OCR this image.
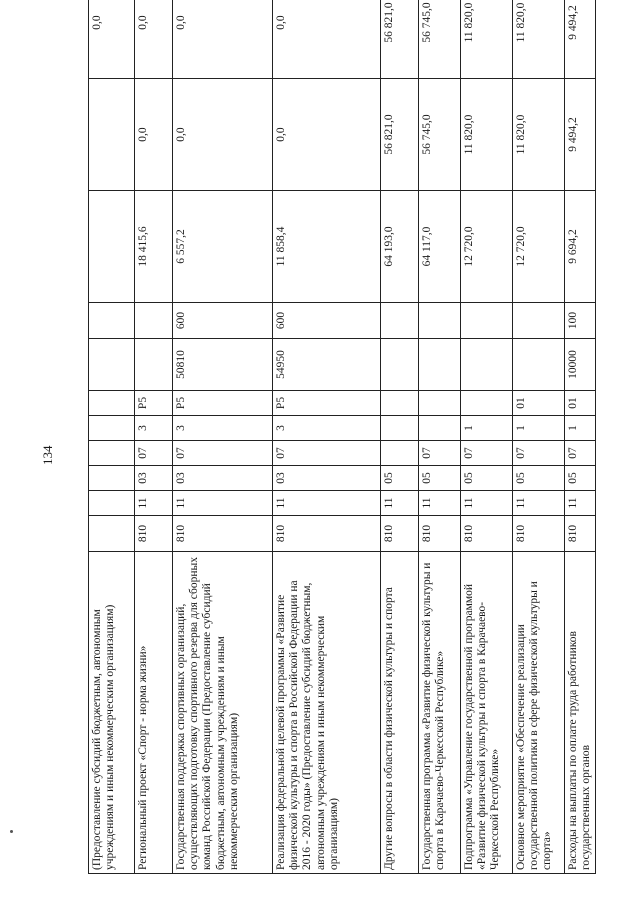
134
(Предоставление субсидий бюджетным, автономным учреждениям и иным некоммерческим организациям)											0,0
Региональный проект «Спорт - норма жизни»	810	11	03	07	3	P5			18 415,6	0,0	0,0
Государственная поддержка спортивных организаций, осуществляющих подготовку спортивного резерва для сборных команд Российской Федерации (Предоставление субсидий бюджетным, автономным учреждениям и иным некоммерческим организациям)	810	11	03	07	3	P5	50810	600	6 557,2	0,0	0,0
Реализация федеральной целевой программы «Развитие физической культуры и спорта в Российской Федерации на 2016 - 2020 годы» (Предоставление субсидий бюджетным, автономным учреждениям и иным некоммерческим организациям)	810	11	03	07	3	P5	54950	600	11 858,4	0,0	0,0
Другие вопросы в области физической культуры и спорта	810	11	05						64 193,0	56 821,0	56 821,0
Государственная программа «Развитие физической культуры и спорта в Карачаево-Черкесской Республике»	810	11	05	07					64 117,0	56 745,0	56 745,0
Подпрограмма «Управление государственной программой «Развитие физической культуры и спорта в Карачаево-Черкесской Республике»	810	11	05	07	1				12 720,0	11 820,0	11 820,0
Основное мероприятие «Обеспечение реализации государственной политики в сфере физической культуры и спорта»	810	11	05	07	1	01			12 720,0	11 820,0	11 820,0
Расходы на выплаты по оплате труда работников государственных органов	810	11	05	07	1	01	10000	100	9 694,2	9 494,2	9 494,2
